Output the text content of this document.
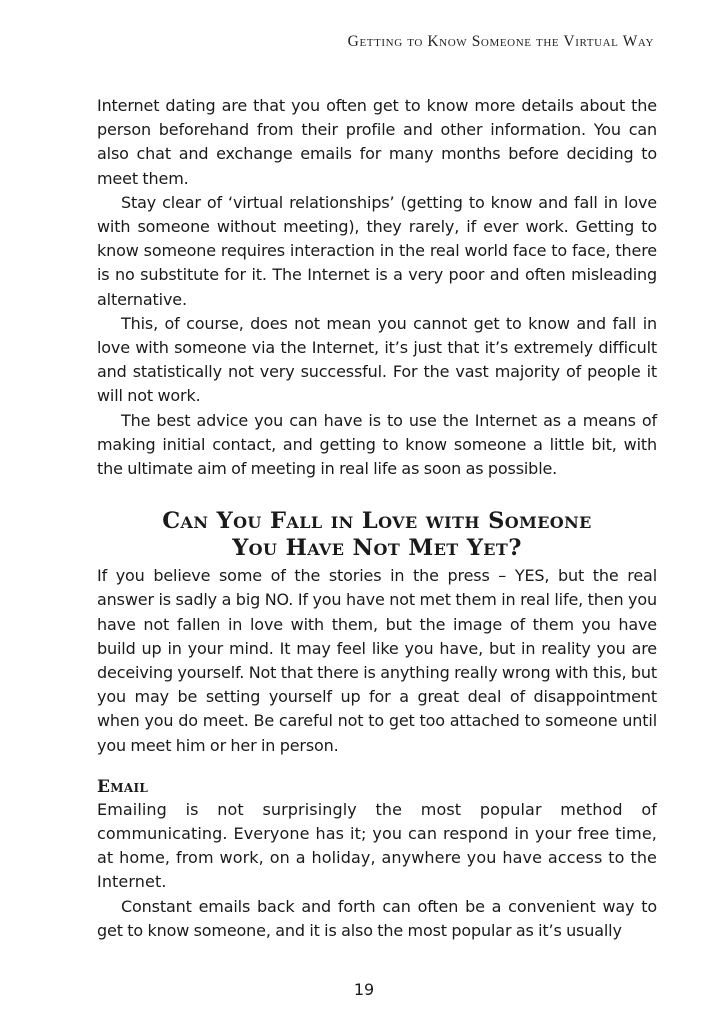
Getting to Know Someone the Virtual Way

Internet dating are that you often get to know more details about the person beforehand from their profile and other information. You can also chat and exchange emails for many months before deciding to meet them.

Stay clear of ‘virtual relationships’ (getting to know and fall in love with someone without meeting), they rarely, if ever work. Getting to know someone requires interaction in the real world face to face, there is no substitute for it. The Internet is a very poor and often misleading alternative.

This, of course, does not mean you cannot get to know and fall in love with someone via the Internet, it’s just that it’s extremely difficult and statistically not very successful. For the vast majority of people it will not work.

The best advice you can have is to use the Internet as a means of making initial contact, and getting to know someone a little bit, with the ultimate aim of meeting in real life as soon as possible.

Can You Fall in Love with Someone
You Have Not Met Yet?

If you believe some of the stories in the press – YES, but the real answer is sadly a big NO. If you have not met them in real life, then you have not fallen in love with them, but the image of them you have build up in your mind. It may feel like you have, but in reality you are deceiving yourself. Not that there is anything really wrong with this, but you may be setting yourself up for a great deal of disappointment when you do meet. Be careful not to get too attached to someone until you meet him or her in person.

Email

Emailing is not surprisingly the most popular method of communicating. Everyone has it; you can respond in your free time, at home, from work, on a holiday, anywhere you have access to the Internet.

Constant emails back and forth can often be a convenient way to get to know someone, and it is also the most popular as it’s usually

19
